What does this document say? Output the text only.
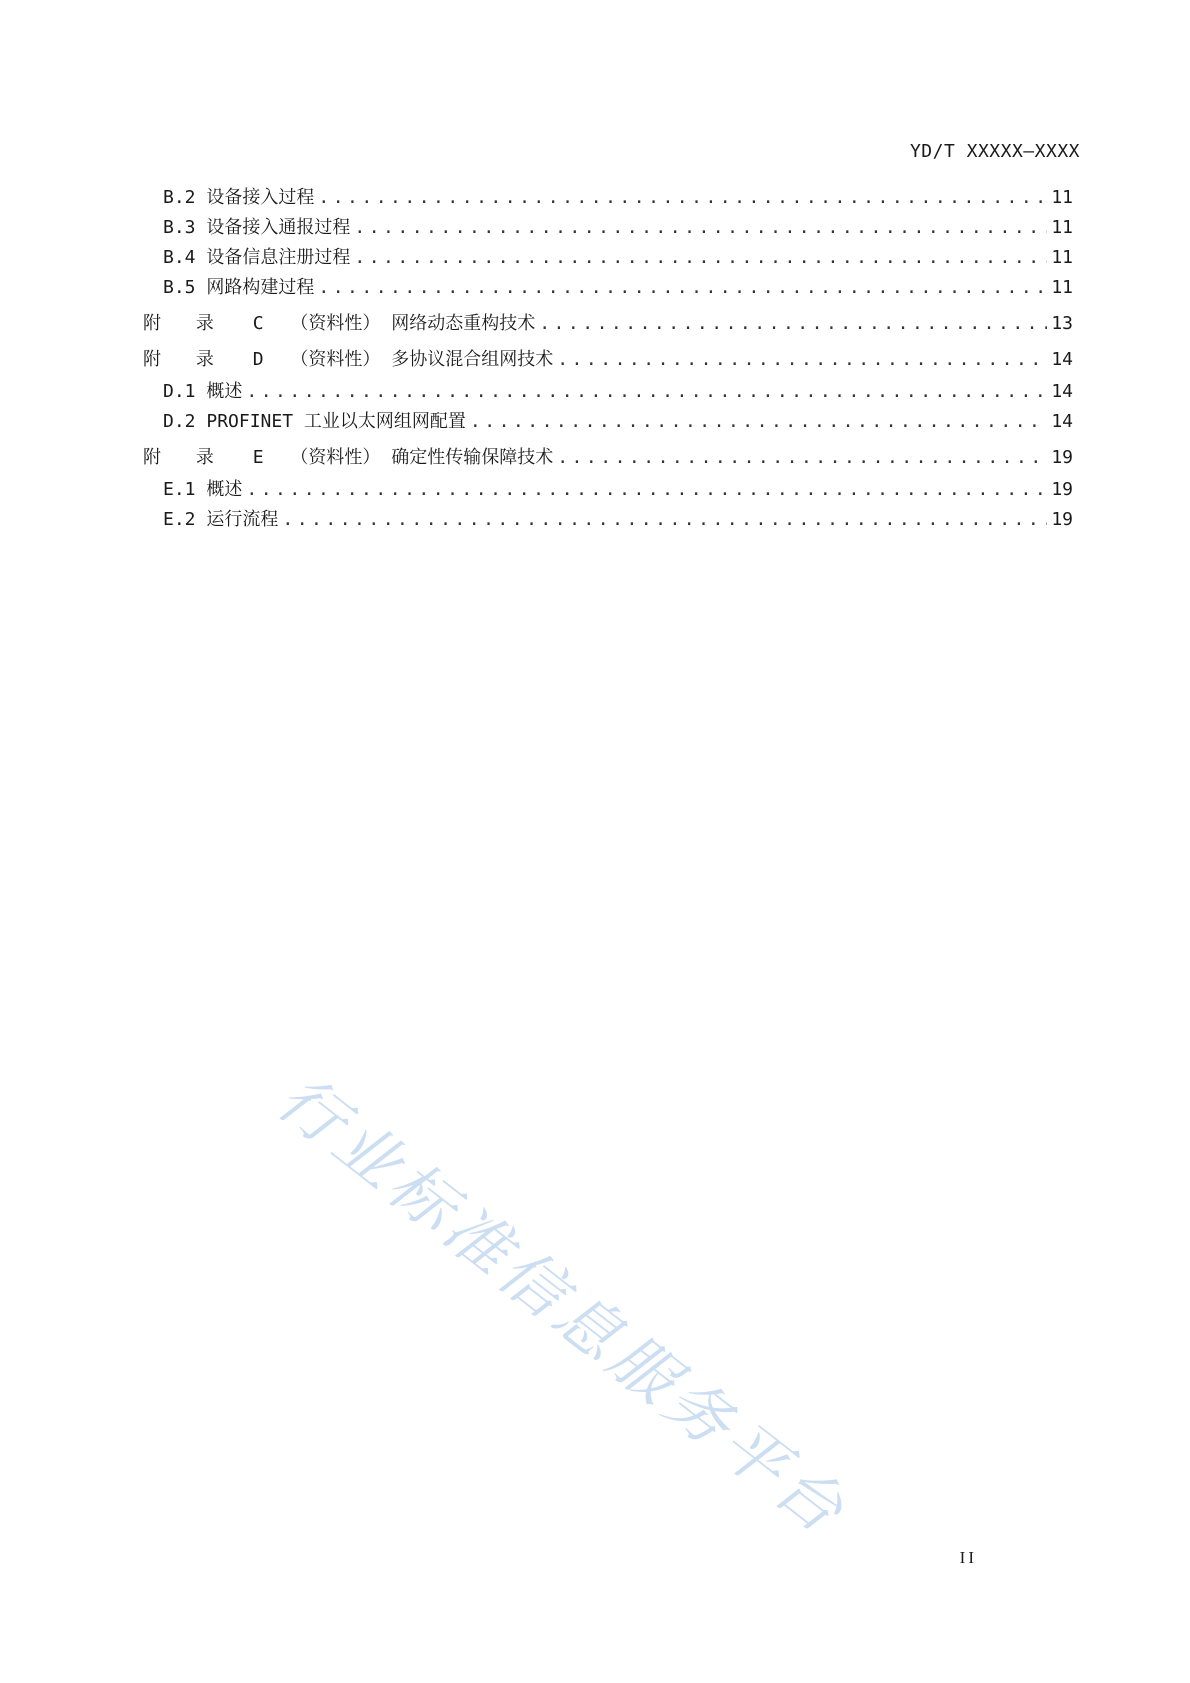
YD/T XXXXX—XXXX
B.2 设备接入过程 .....	11
B.3 设备接入通报过程 .....	11
B.4 设备信息注册过程 .....	11
B.5 网路构建过程 .....	11
附 录 C （资料性） 网络动态重构技术 .....	13
附 录 D （资料性） 多协议混合组网技术 .....	14
D.1 概述 .....	14
D.2 PROFINET 工业以太网组网配置 .....	14
附 录 E （资料性） 确定性传输保障技术 .....	19
E.1 概述 .....	19
E.2 运行流程 .....	19
行业标准信息服务平台
II
